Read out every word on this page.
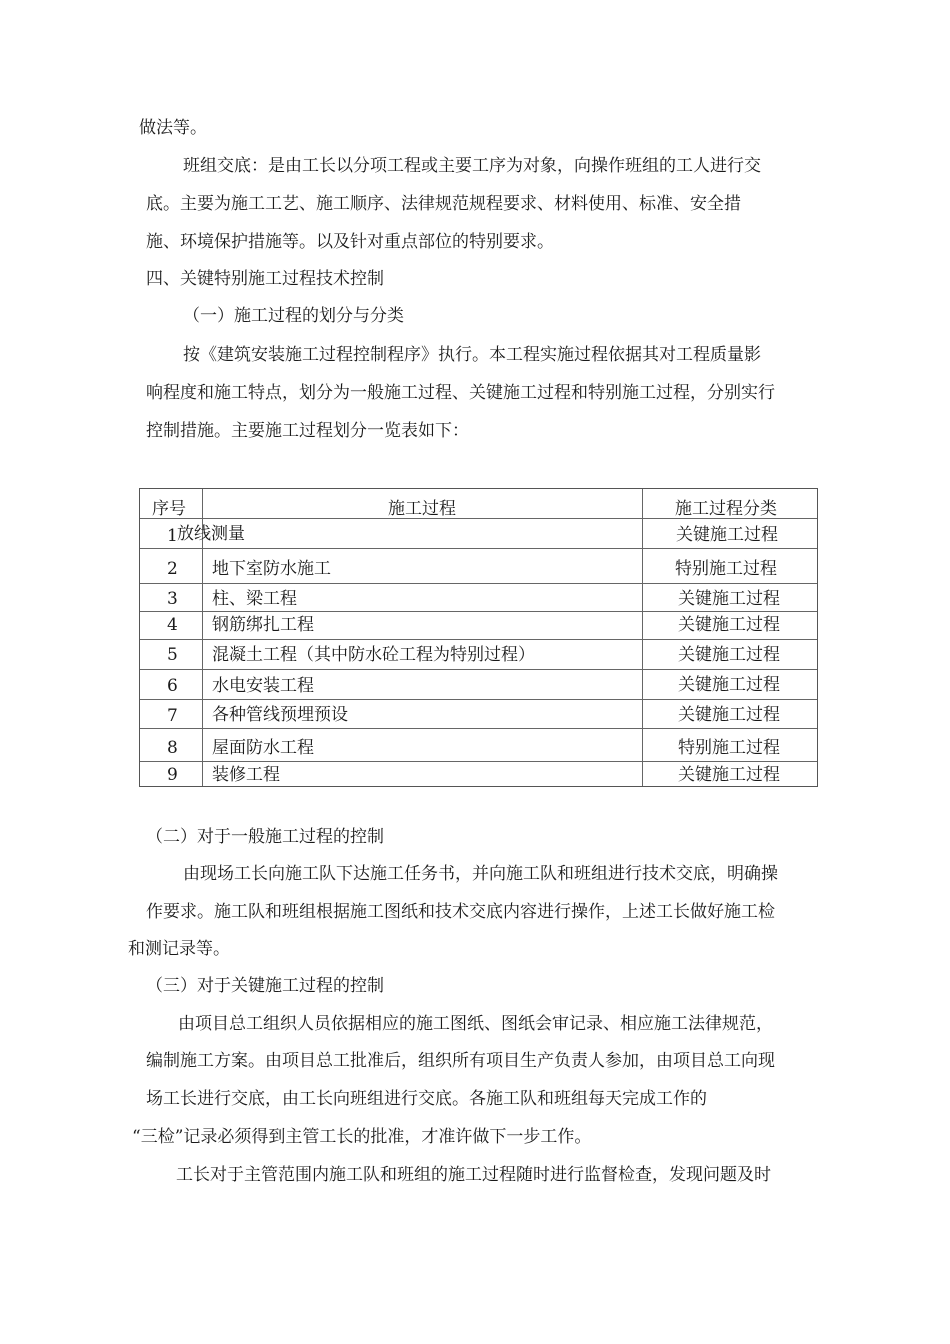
做法等。
班组交底：是由工长以分项工程或主要工序为对象，向操作班组的工人进行交
底。主要为施工工艺、施工顺序、法律规范规程要求、材料使用、标准、安全措
施、环境保护措施等。以及针对重点部位的特别要求。
四、关键特别施工过程技术控制
（一）施工过程的划分与分类
按《建筑安装施工过程控制程序》执行。本工程实施过程依据其对工程质量影
响程度和施工特点，划分为一般施工过程、关键施工过程和特别施工过程，分别实行
控制措施。主要施工过程划分一览表如下：
序号	施工过程	施工过程分类
1 放线测量	关键施工过程
2 地下室防水施工	特别施工过程
3 柱、梁工程	关键施工过程
4 钢筋绑扎工程	关键施工过程
5 混凝土工程（其中防水砼工程为特别过程）	关键施工过程
6 水电安装工程	关键施工过程
7 各种管线预埋预设	关键施工过程
8 屋面防水工程	特别施工过程
9 装修工程	关键施工过程
（二）对于一般施工过程的控制
由现场工长向施工队下达施工任务书，并向施工队和班组进行技术交底，明确操
作要求。施工队和班组根据施工图纸和技术交底内容进行操作，上述工长做好施工检
和测记录等。
（三）对于关键施工过程的控制
由项目总工组织人员依据相应的施工图纸、图纸会审记录、相应施工法律规范，
编制施工方案。由项目总工批准后，组织所有项目生产负责人参加，由项目总工向现
场工长进行交底，由工长向班组进行交底。各施工队和班组每天完成工作的
“三检”记录必须得到主管工长的批准，才准许做下一步工作。
工长对于主管范围内施工队和班组的施工过程随时进行监督检查，发现问题及时
